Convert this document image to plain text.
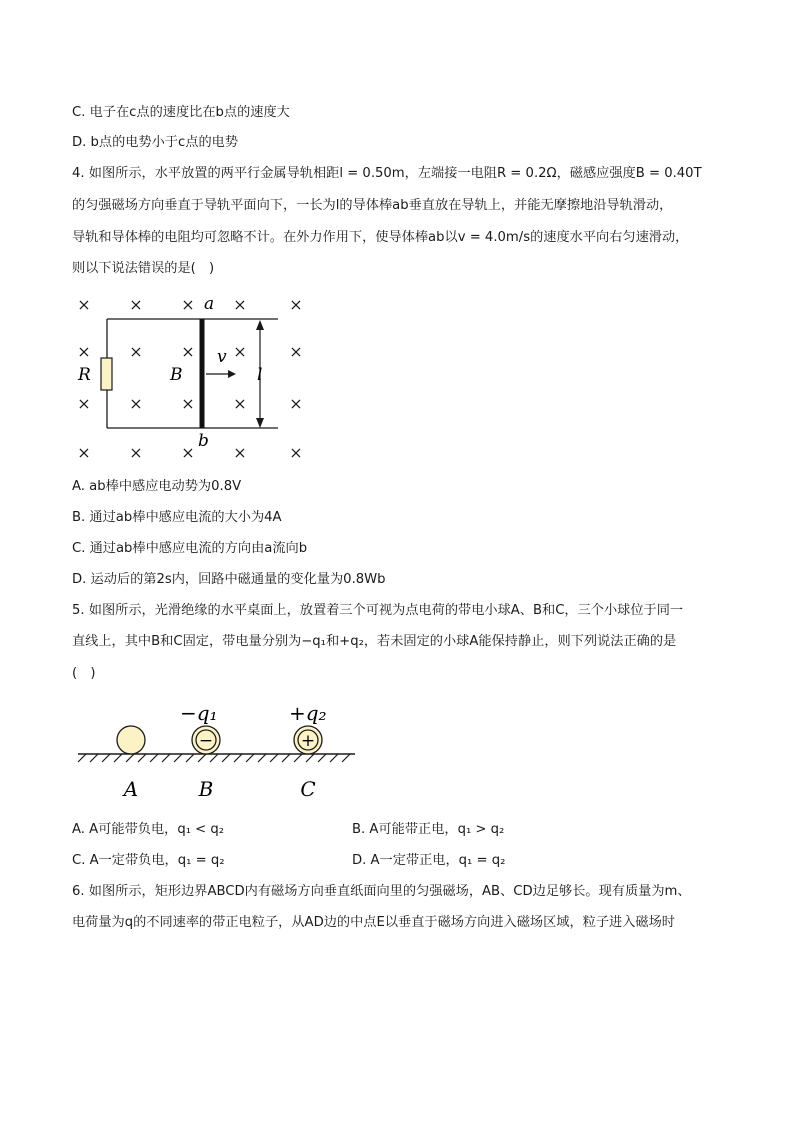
C. 电子在c点的速度比在b点的速度大
D. b点的电势小于c点的电势
4. 如图所示，水平放置的两平行金属导轨相距l = 0.50m，左端接一电阻R = 0.2Ω，磁感应强度B = 0.40T
的匀强磁场方向垂直于导轨平面向下，一长为l的导体棒ab垂直放在导轨上，并能无摩擦地沿导轨滑动，
导轨和导体棒的电阻均可忽略不计。在外力作用下，使导体棒ab以v = 4.0m/s的速度水平向右匀速滑动，
则以下说法错误的是(　)
× × × ×	×
× × × ×	×
× × × ×	×
× × × ×	×
a
b
R	B
v
l
A. ab棒中感应电动势为0.8V
B. 通过ab棒中感应电流的大小为4A
C. 通过ab棒中感应电流的方向由a流向b
D. 运动后的第2s内，回路中磁通量的变化量为0.8Wb
5. 如图所示，光滑绝缘的水平桌面上，放置着三个可视为点电荷的带电小球A、B和C，三个小球位于同一
直线上，其中B和C固定，带电量分别为−q₁和+q₂，若未固定的小球A能保持静止，则下列说法正确的是
(　)
−	+
−q₁	+q₂
A	B	C
A. A可能带负电，q₁ < q₂	B. A可能带正电，q₁ > q₂
C. A一定带负电，q₁ = q₂	D. A一定带正电，q₁ = q₂
6. 如图所示，矩形边界ABCD内有磁场方向垂直纸面向里的匀强磁场，AB、CD边足够长。现有质量为m、
电荷量为q的不同速率的带正电粒子，从AD边的中点E以垂直于磁场方向进入磁场区域，粒子进入磁场时
